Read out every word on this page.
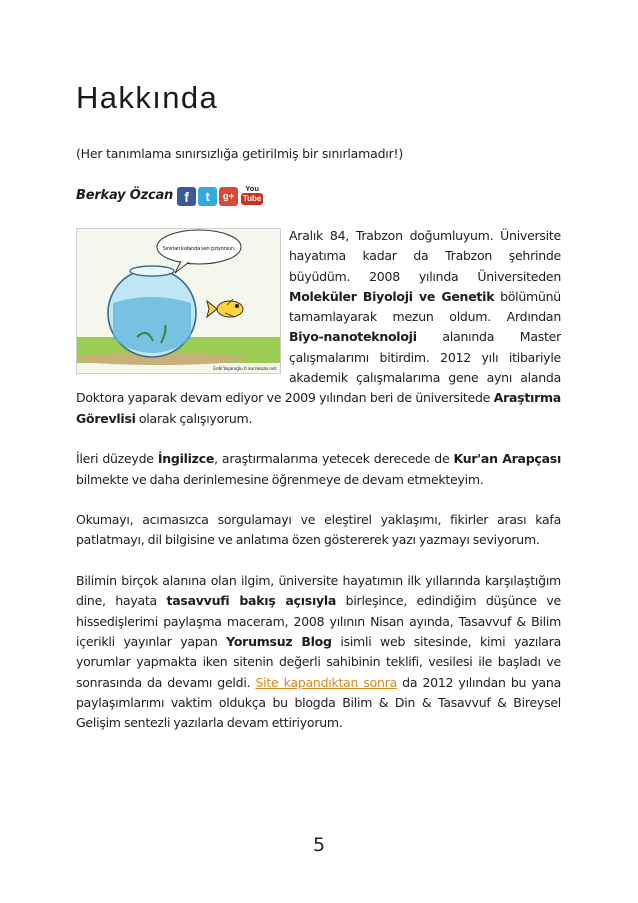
Hakkında

(Her tanımlama sınırsızlığa getirilmiş bir sınırlamadır!)

Berkay Özcan f	t	g+
You
Tube
Sınırları kafanda sen çiziyorsun.
Erdil Yaşaroğlu © komikaze.net

Aralık 84, Trabzon doğumluyum. Üniversite hayatıma kadar da Trabzon şehrinde büyüdüm. 2008 yılında Üniversiteden Moleküler Biyoloji ve Genetik bölümünü tamamlayarak mezun oldum. Ardından Biyo-nanoteknoloji alanında Master çalışmalarımı bitirdim. 2012 yılı itibariyle akademik çalışmalarıma gene aynı alanda Doktora yaparak devam ediyor ve 2009 yılından beri de üniversitede Araştırma Görevlisi olarak çalışıyorum.

İleri düzeyde İngilizce, araştırmalarıma yetecek derecede de Kur'an Arapçası bilmekte ve daha derinlemesine öğrenmeye de devam etmekteyim.

Okumayı, acımasızca sorgulamayı ve eleştirel yaklaşımı, fikirler arası kafa patlatmayı, dil bilgisine ve anlatıma özen göstererek yazı yazmayı seviyorum.

Bilimin birçok alanına olan ilgim, üniversite hayatımın ilk yıllarında karşılaştığım dine, hayata tasavvufi bakış açısıyla birleşince, edindiğim düşünce ve hissedişlerimi paylaşma maceram, 2008 yılının Nisan ayında, Tasavvuf & Bilim içerikli yayınlar yapan Yorumsuz Blog isimli web sitesinde, kimi yazılara yorumlar yapmakta iken sitenin değerli sahibinin teklifi, vesilesi ile başladı ve sonrasında da devamı geldi. Site kapandıktan sonra da 2012 yılından bu yana paylaşımlarımı vaktim oldukça bu blogda Bilim & Din & Tasavvuf & Bireysel Gelişim sentezli yazılarla devam ettiriyorum.

5
